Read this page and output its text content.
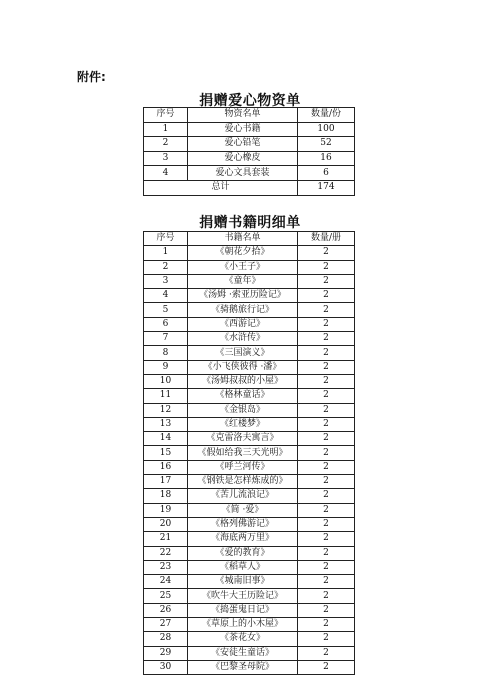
附件:
捐赠爱心物资单
序号	物资名单	数量/份
1	爱心书籍	100
2	爱心铅笔	52
3	爱心橡皮	16
4	爱心文具套装	6
总计		174
捐赠书籍明细单
序号	书籍名单	数量/册
1	《朝花夕拾》	2
2	《小王子》	2
3	《童年》	2
4	《汤姆 ·索亚历险记》	2
5	《骑鹅旅行记》	2
6	《西游记》	2
7	《水浒传》	2
8	《三国演义》	2
9	《小飞侠彼得 ·潘》	2
10	《汤姆叔叔的小屋》	2
11	《格林童话》	2
12	《金银岛》	2
13	《红楼梦》	2
14	《克雷洛夫寓言》	2
15	《假如给我三天光明》	2
16	《呼兰河传》	2
17	《钢铁是怎样炼成的》	2
18	《苦儿流浪记》	2
19	《简 ·爱》	2
20	《格列佛游记》	2
21	《海底两万里》	2
22	《爱的教育》	2
23	《稻草人》	2
24	《城南旧事》	2
25	《吹牛大王历险记》	2
26	《捣蛋鬼日记》	2
27	《草原上的小木屋》	2
28	《茶花女》	2
29	《安徒生童话》	2
30	《巴黎圣母院》	2
